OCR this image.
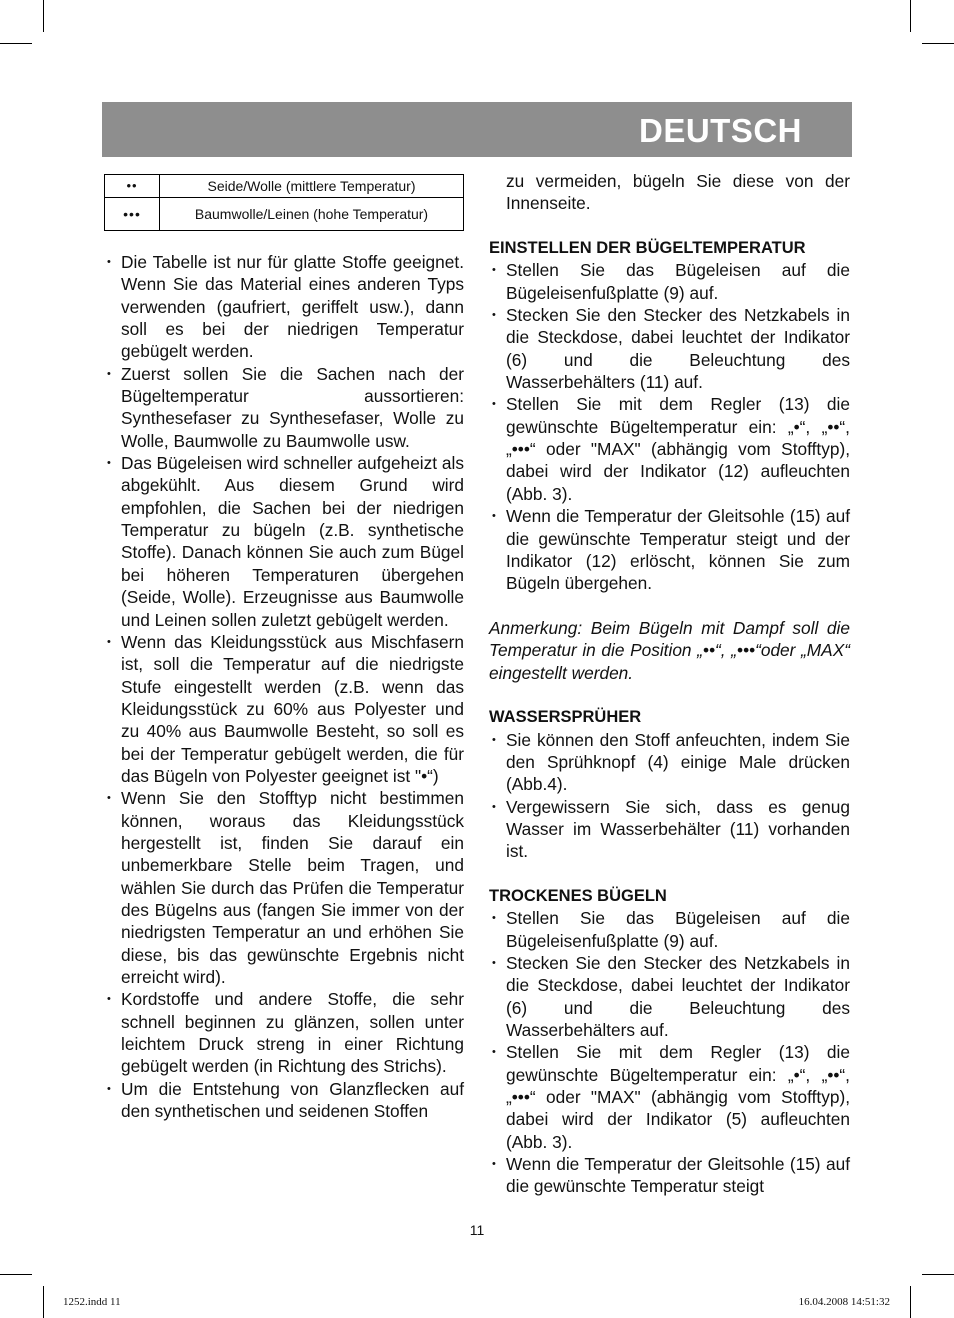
DEUTSCH
••	Seide/Wolle (mittlere Temperatur)
•••	Baumwolle/Leinen (hohe Temperatur)
• Die Tabelle ist nur für glatte Stoffe geeignet. Wenn Sie das Material eines anderen Typs verwenden (gaufriert, geriffelt usw.), dann soll es bei der niedrigen Temperatur gebügelt werden.
• Zuerst sollen Sie die Sachen nach der Bügeltemperatur aussortieren: Synthesefaser zu Synthesefaser, Wolle zu Wolle, Baumwolle zu Baumwolle usw.
• Das Bügeleisen wird schneller aufgeheizt als abgekühlt. Aus diesem Grund wird empfohlen, die Sachen bei der niedrigen Temperatur zu bügeln (z.B. synthetische Stoffe). Danach können Sie auch zum Bügel bei höheren Temperaturen übergehen (Seide, Wolle). Erzeugnisse aus Baumwolle und Leinen sollen zuletzt gebügelt werden.
• Wenn das Kleidungsstück aus Mischfasern ist, soll die Temperatur auf die niedrigste Stufe eingestellt werden (z.B. wenn das Kleidungsstück zu 60% aus Polyester und zu 40% aus Baumwolle Besteht, so soll es bei der Temperatur gebügelt werden, die für das Bügeln von Polyester geeignet ist "•“)
• Wenn Sie den Stofftyp nicht bestimmen können, woraus das Kleidungsstück hergestellt ist, finden Sie darauf ein unbemerkbare Stelle beim Tragen, und wählen Sie durch das Prüfen die Temperatur des Bügelns aus (fangen Sie immer von der niedrigsten Temperatur an und erhöhen Sie diese, bis das gewünschte Ergebnis nicht erreicht wird).
• Kordstoffe und andere Stoffe, die sehr schnell beginnen zu glänzen, sollen unter leichtem Druck streng in einer Richtung gebügelt werden (in Richtung des Strichs).
• Um die Entstehung von Glanzflecken auf den synthetischen und seidenen Stoffen

zu vermeiden, bügeln Sie diese von der Innenseite.

EINSTELLEN DER BÜGELTEMPERATUR
• Stellen Sie das Bügeleisen auf die Bügeleisenfußplatte (9) auf.
• Stecken Sie den Stecker des Netzkabels in die Steckdose, dabei leuchtet der Indikator (6) und die Beleuchtung des Wasserbehälters (11) auf.
• Stellen Sie mit dem Regler (13) die gewünschte Bügeltemperatur ein: „•“, „••“, „•••“ oder "MAX" (abhängig vom Stofftyp), dabei wird der Indikator (12) aufleuchten (Abb. 3).
• Wenn die Temperatur der Gleitsohle (15) auf die gewünschte Temperatur steigt und der Indikator (12) erlöscht, können Sie zum Bügeln übergehen.

Anmerkung: Beim Bügeln mit Dampf soll die Temperatur in die Position „••“, „•••“oder „MAX“ eingestellt werden.

WASSERSPRÜHER
• Sie können den Stoff anfeuchten, indem Sie den Sprühknopf (4) einige Male drücken (Abb.4).
• Vergewissern Sie sich, dass es genug Wasser im Wasserbehälter (11) vorhanden ist.
TROCKENES BÜGELN
• Stellen Sie das Bügeleisen auf die Bügeleisenfußplatte (9) auf.
• Stecken Sie den Stecker des Netzkabels in die Steckdose, dabei leuchtet der Indikator (6) und die Beleuchtung des Wasserbehälters auf.
• Stellen Sie mit dem Regler (13) die gewünschte Bügeltemperatur ein: „•“, „••“, „•••“ oder "MAX" (abhängig vom Stofftyp), dabei wird der Indikator (5) aufleuchten (Abb. 3).
• Wenn die Temperatur der Gleitsohle (15) auf die gewünschte Temperatur steigt
11
1252.indd 11	16.04.2008 14:51:32
